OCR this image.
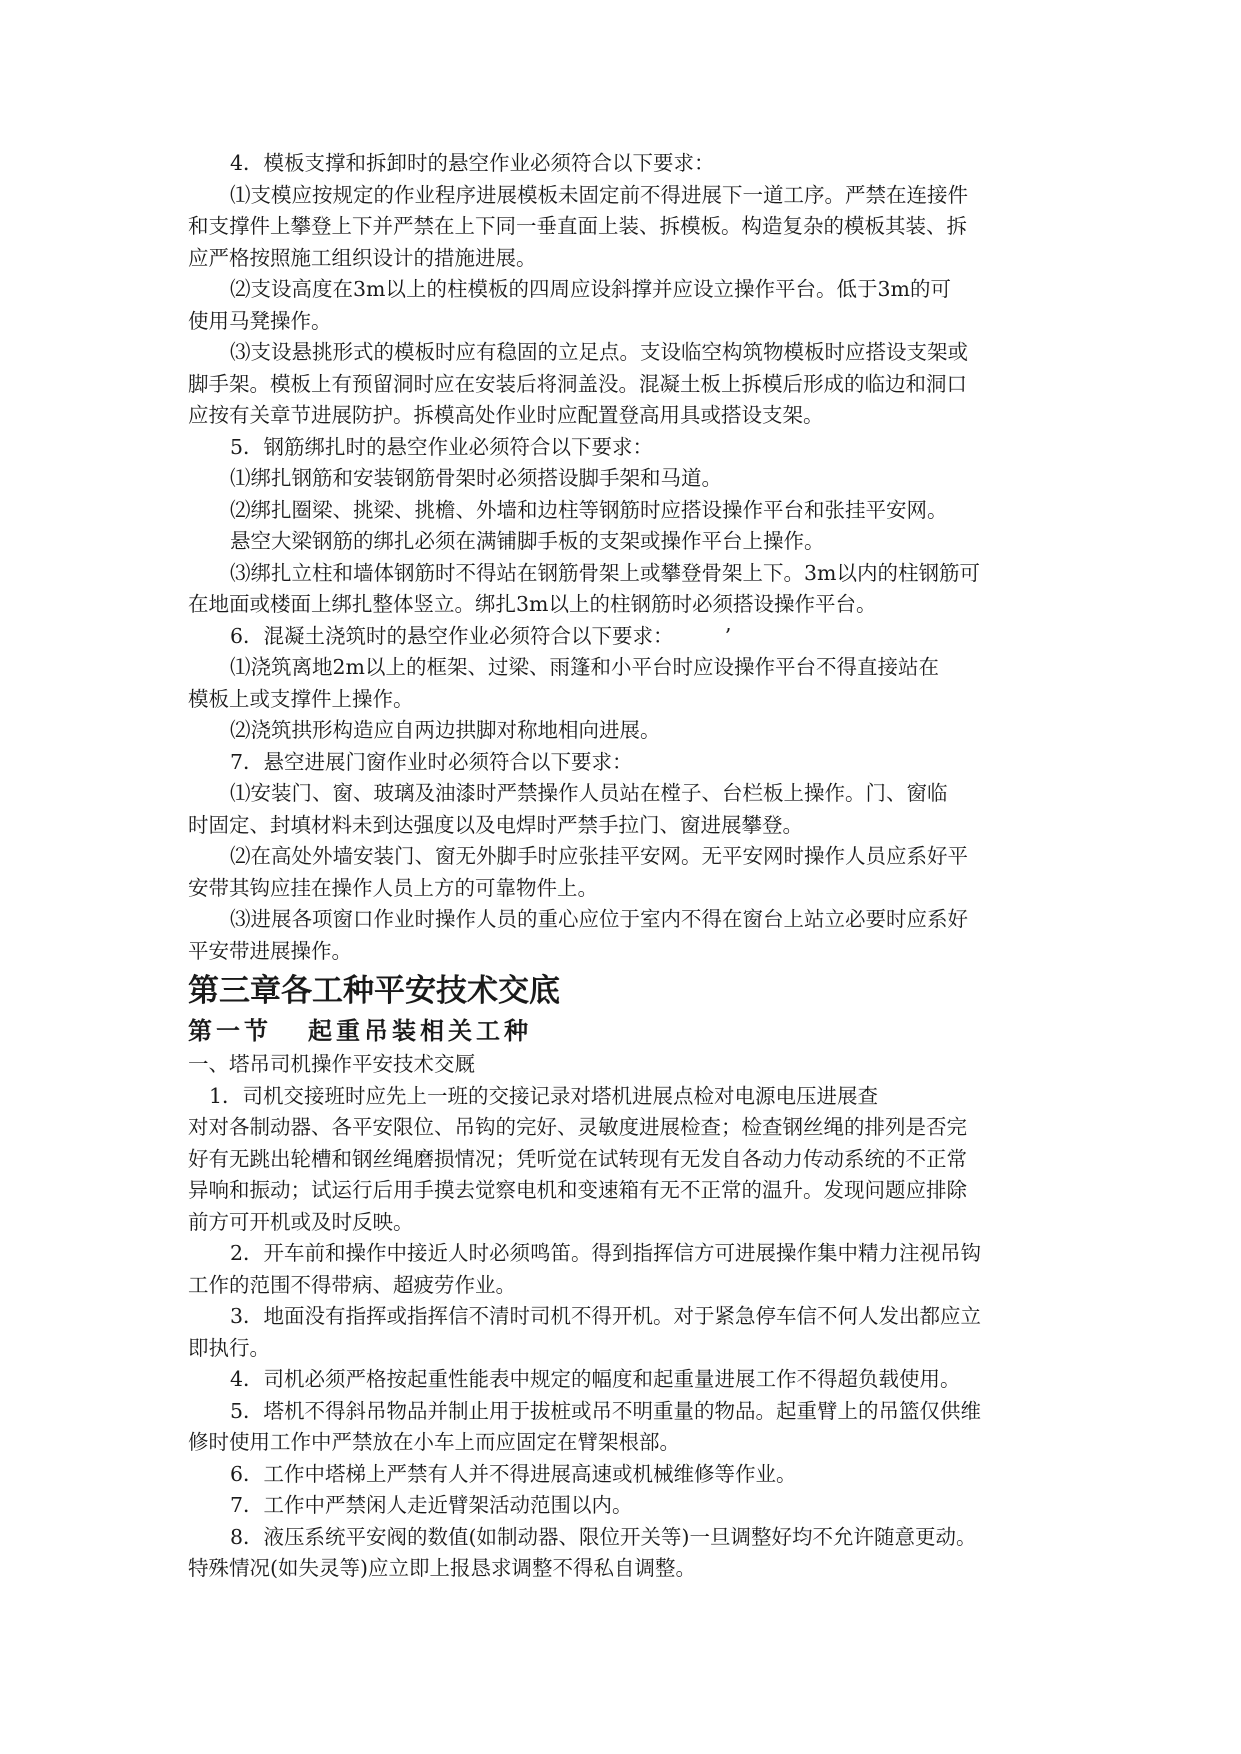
4．模板支撑和拆卸时的悬空作业必须符合以下要求：

⑴支模应按规定的作业程序进展模板未固定前不得进展下一道工序。严禁在连接件

和支撑件上攀登上下并严禁在上下同一垂直面上装、拆模板。构造复杂的模板其装、拆

应严格按照施工组织设计的措施进展。

⑵支设高度在3m以上的柱模板的四周应设斜撑并应设立操作平台。低于3m的可

使用马凳操作。

⑶支设悬挑形式的模板时应有稳固的立足点。支设临空构筑物模板时应搭设支架或

脚手架。模板上有预留洞时应在安装后将洞盖没。混凝土板上拆模后形成的临边和洞口

应按有关章节进展防护。拆模高处作业时应配置登高用具或搭设支架。

5．钢筋绑扎时的悬空作业必须符合以下要求：

⑴绑扎钢筋和安装钢筋骨架时必须搭设脚手架和马道。

⑵绑扎圈梁、挑梁、挑檐、外墙和边柱等钢筋时应搭设操作平台和张挂平安网。

悬空大梁钢筋的绑扎必须在满铺脚手板的支架或操作平台上操作。

⑶绑扎立柱和墙体钢筋时不得站在钢筋骨架上或攀登骨架上下。3m以内的柱钢筋可

在地面或楼面上绑扎整体竖立。绑扎3m以上的柱钢筋时必须搭设操作平台。

6．混凝土浇筑时的悬空作业必须符合以下要求：　　　’

⑴浇筑离地2m以上的框架、过梁、雨篷和小平台时应设操作平台不得直接站在

模板上或支撑件上操作。

⑵浇筑拱形构造应自两边拱脚对称地相向进展。

7．悬空进展门窗作业时必须符合以下要求：

⑴安装门、窗、玻璃及油漆时严禁操作人员站在樘子、台栏板上操作。门、窗临

时固定、封填材料未到达强度以及电焊时严禁手拉门、窗进展攀登。

⑵在高处外墙安装门、窗无外脚手时应张挂平安网。无平安网时操作人员应系好平

安带其钩应挂在操作人员上方的可靠物件上。

⑶进展各项窗口作业时操作人员的重心应位于室内不得在窗台上站立必要时应系好

平安带进展操作。

第三章各工种平安技术交底
第一节 起重吊装相关工种

一、塔吊司机操作平安技术交厩

1．司机交接班时应先上一班的交接记录对塔机进展点检对电源电压进展查

对对各制动器、各平安限位、吊钩的完好、灵敏度进展检查；检查钢丝绳的排列是否完

好有无跳出轮槽和钢丝绳磨损情况；凭听觉在试转现有无发自各动力传动系统的不正常

异响和振动；试运行后用手摸去觉察电机和变速箱有无不正常的温升。发现问题应排除

前方可开机或及时反映。

2．开车前和操作中接近人时必须鸣笛。得到指挥信方可进展操作集中精力注视吊钩

工作的范围不得带病、超疲劳作业。

3．地面没有指挥或指挥信不清时司机不得开机。对于紧急停车信不何人发出都应立

即执行。

4．司机必须严格按起重性能表中规定的幅度和起重量进展工作不得超负载使用。

5．塔机不得斜吊物品并制止用于拔桩或吊不明重量的物品。起重臂上的吊篮仅供维

修时使用工作中严禁放在小车上而应固定在臂架根部。

6．工作中塔梯上严禁有人并不得进展高速或机械维修等作业。

7．工作中严禁闲人走近臂架活动范围以内。

8．液压系统平安阀的数值(如制动器、限位开关等)一旦调整好均不允许随意更动。

特殊情况(如失灵等)应立即上报恳求调整不得私自调整。
